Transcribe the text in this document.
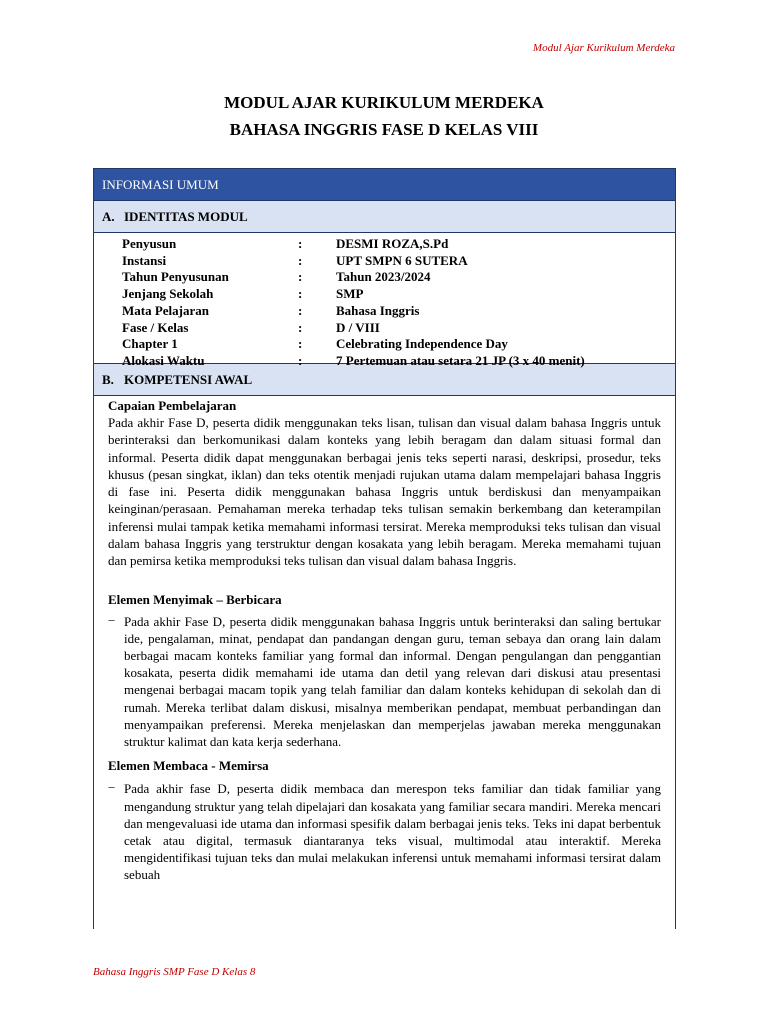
Modul Ajar Kurikulum Merdeka
MODUL AJAR KURIKULUM MERDEKA
BAHASA INGGRIS FASE D KELAS VIII
INFORMASI UMUM
A. IDENTITAS MODUL
Penyusun	:	DESMI ROZA,S.Pd
Instansi	:	UPT SMPN 6 SUTERA
Tahun Penyusunan	:	Tahun 2023/2024
Jenjang Sekolah	:	SMP
Mata Pelajaran	:	Bahasa Inggris
Fase / Kelas	:	D / VIII
Chapter 1	:	Celebrating Independence Day
Alokasi Waktu	:	7 Pertemuan atau setara 21 JP (3 x 40 menit)
B. KOMPETENSI AWAL
Capaian Pembelajaran

Pada akhir Fase D, peserta didik menggunakan teks lisan, tulisan dan visual dalam bahasa Inggris untuk berinteraksi dan berkomunikasi dalam konteks yang lebih beragam dan dalam situasi formal dan informal. Peserta didik dapat menggunakan berbagai jenis teks seperti narasi, deskripsi, prosedur, teks khusus (pesan singkat, iklan) dan teks otentik menjadi rujukan utama dalam mempelajari bahasa Inggris di fase ini. Peserta didik menggunakan bahasa Inggris untuk berdiskusi dan menyampaikan keinginan/perasaan. Pemahaman mereka terhadap teks tulisan semakin berkembang dan keterampilan inferensi mulai tampak ketika memahami informasi tersirat. Mereka memproduksi teks tulisan dan visual dalam bahasa Inggris yang terstruktur dengan kosakata yang lebih beragam. Mereka memahami tujuan dan pemirsa ketika memproduksi teks tulisan dan visual dalam bahasa Inggris.

Elemen Menyimak – Berbicara
− Pada akhir Fase D, peserta didik menggunakan bahasa Inggris untuk berinteraksi dan saling bertukar ide, pengalaman, minat, pendapat dan pandangan dengan guru, teman sebaya dan orang lain dalam berbagai macam konteks familiar yang formal dan informal. Dengan pengulangan dan penggantian kosakata, peserta didik memahami ide utama dan detil yang relevan dari diskusi atau presentasi mengenai berbagai macam topik yang telah familiar dan dalam konteks kehidupan di sekolah dan di rumah. Mereka terlibat dalam diskusi, misalnya memberikan pendapat, membuat perbandingan dan menyampaikan preferensi. Mereka menjelaskan dan memperjelas jawaban mereka menggunakan struktur kalimat dan kata kerja sederhana.

Elemen Membaca - Memirsa
− Pada akhir fase D, peserta didik membaca dan merespon teks familiar dan tidak familiar yang mengandung struktur yang telah dipelajari dan kosakata yang familiar secara mandiri. Mereka mencari dan mengevaluasi ide utama dan informasi spesifik dalam berbagai jenis teks. Teks ini dapat berbentuk cetak atau digital, termasuk diantaranya teks visual, multimodal atau interaktif. Mereka mengidentifikasi tujuan teks dan mulai melakukan inferensi untuk memahami informasi tersirat dalam sebuah

Bahasa Inggris SMP Fase D Kelas 8
